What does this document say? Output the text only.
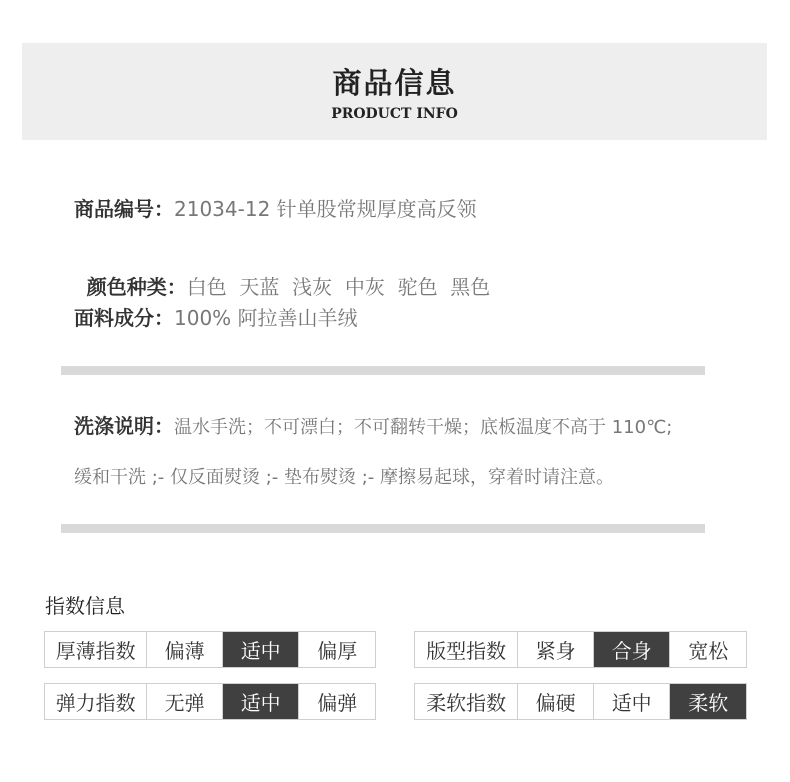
商品信息
PRODUCT INFO
商品编号：21034-12 针单股常规厚度高反领

颜色种类：白色  天蓝  浅灰  中灰  驼色  黑色

面料成分：100% 阿拉善山羊绒
洗涤说明：温水手洗；不可漂白；不可翻转干燥；底板温度不高于 110℃;
缓和干洗 ;- 仅反面熨烫 ;- 垫布熨烫 ;- 摩擦易起球，穿着时请注意。
指数信息
厚薄指数	偏薄	适中	偏厚	版型指数	紧身	合身	宽松
弹力指数	无弹	适中	偏弹	柔软指数	偏硬	适中	柔软
